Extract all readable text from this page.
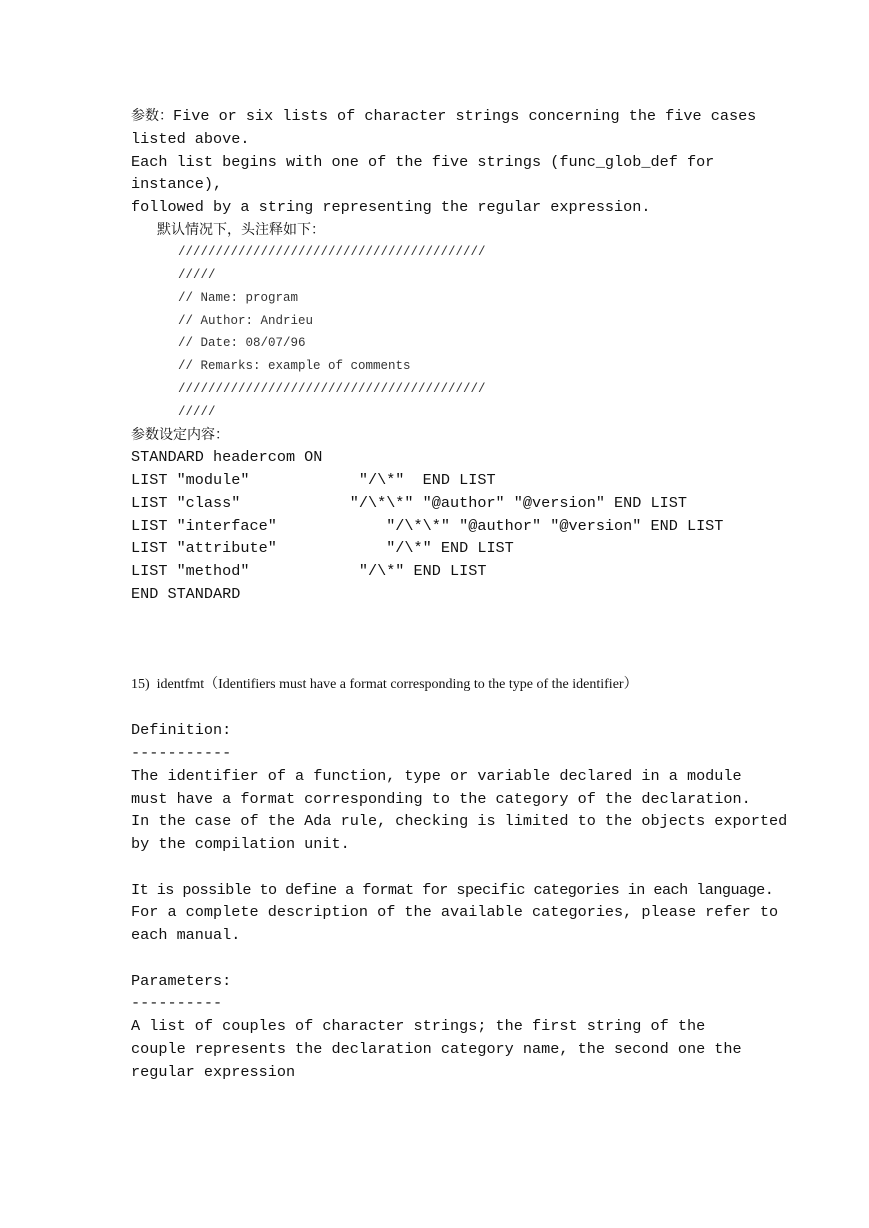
参数：Five or six lists of character strings concerning the five cases
listed above.
Each list begins with one of the five strings (func_glob_def for
instance),
followed by a string representing the regular expression.
默认情况下，头注释如下：
/////////////////////////////////////////
/////
// Name: program
// Author: Andrieu
// Date: 08/07/96
// Remarks: example of comments
/////////////////////////////////////////
/////
参数设定内容：
STANDARD headercom ON
LIST "module"            "/\*"  END LIST
LIST "class"            "/\*\*" "@author" "@version" END LIST
LIST "interface"            "/\*\*" "@author" "@version" END LIST
LIST "attribute"            "/\*" END LIST
LIST "method"            "/\*" END LIST
END STANDARD
15)  identfmt（Identifiers must have a format corresponding to the type of the identifier）
Definition:
-----------
The identifier of a function, type or variable declared in a module
must have a format corresponding to the category of the declaration.
In the case of the Ada rule, checking is limited to the objects exported
by the compilation unit.
It is possible to define a format for specific categories in each language.
For a complete description of the available categories, please refer to
each manual.
Parameters:
----------
A list of couples of character strings; the first string of the
couple represents the declaration category name, the second one the
regular expression
